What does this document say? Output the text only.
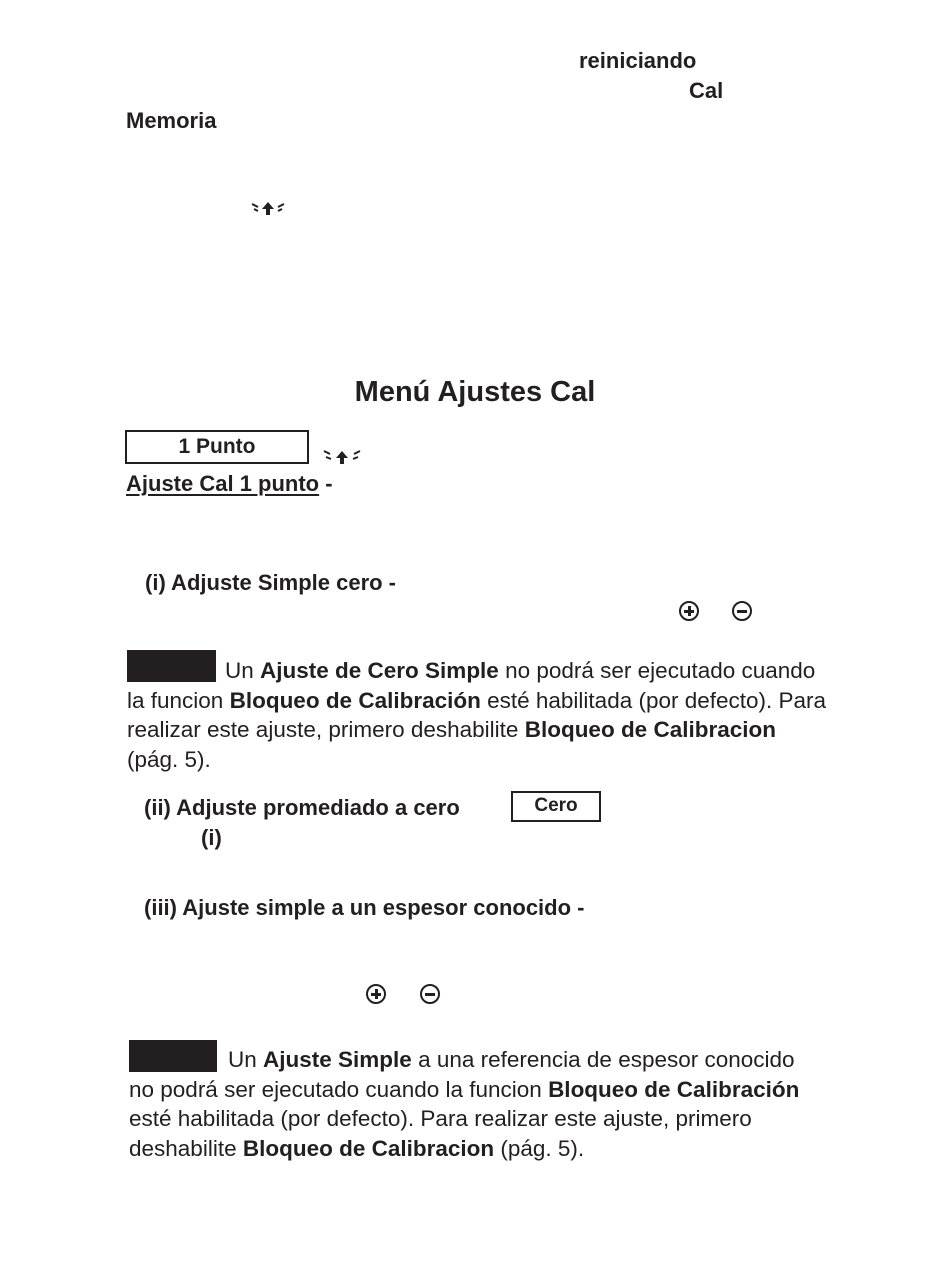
reiniciando
Cal
Memoria
Menú Ajustes Cal
1 Punto
Ajuste Cal 1 punto -
(i) Adjuste Simple cero -
Un Ajuste de Cero Simple no podrá ser ejecutado cuando la funcion Bloqueo de Calibración esté habilitada (por defecto). Para realizar este ajuste, primero deshabilite Bloqueo de Calibracion (pág. 5).
(ii) Adjuste promediado a cero	Cero
(i)
(iii) Ajuste simple a un espesor conocido -
Un Ajuste Simple a una referencia de espesor conocido no podrá ser ejecutado cuando la funcion Bloqueo de Calibración esté habilitada (por defecto). Para realizar este ajuste, primero deshabilite Bloqueo de Calibracion (pág. 5).
